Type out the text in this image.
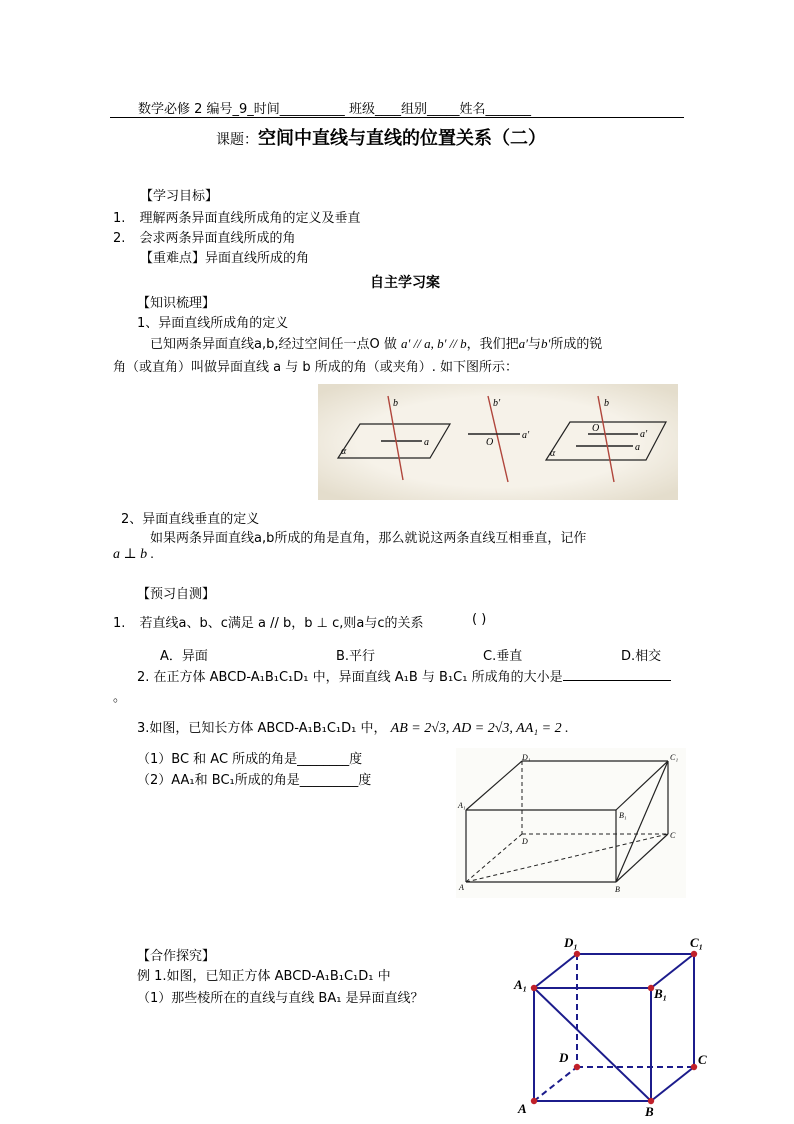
数学必修 2 编号_9_时间__________ 班级____组别_____姓名_______
课题：空间中直线与直线的位置关系（二）
【学习目标】
1. 理解两条异面直线所成角的定义及垂直
2. 会求两条异面直线所成的角
【重难点】异面直线所成的角
自主学习案
【知识梳理】
1、异面直线所成角的定义
已知两条异面直线a,b,经过空间任一点O 做 a′ // a, b′ // b，我们把a′与b′所成的锐
角（或直角）叫做异面直线 a 与 b 所成的角（或夹角）. 如下图所示：
b
a
α
b′
a′
O
b
O
a′
a
α
2、异面直线垂直的定义
如果两条异面直线a,b所成的角是直角，那么就说这两条直线互相垂直，记作
a ⊥ b .
【预习自测】
1. 若直线a、b、c满足 a // b，b ⊥ c,则a与c的关系	( )
A．异面	B.平行	C.垂直	D.相交
2. 在正方体 ABCD-A₁B₁C₁D₁ 中，异面直线 A₁B 与 B₁C₁ 所成角的大小是
。
3.如图，已知长方体 ABCD-A₁B₁C₁D₁ 中， AB = 2√3, AD = 2√3, AA₁ = 2 .
（1）BC 和 AC 所成的角是________度
（2）AA₁和 BC₁所成的角是_________度
D₁	C₁
A₁
B₁
D
C
A	B
【合作探究】
例 1.如图，已知正方体 ABCD-A₁B₁C₁D₁ 中
（1）那些棱所在的直线与直线 BA₁ 是异面直线？
D₁	C₁
A₁
B₁
D	C
A	B
